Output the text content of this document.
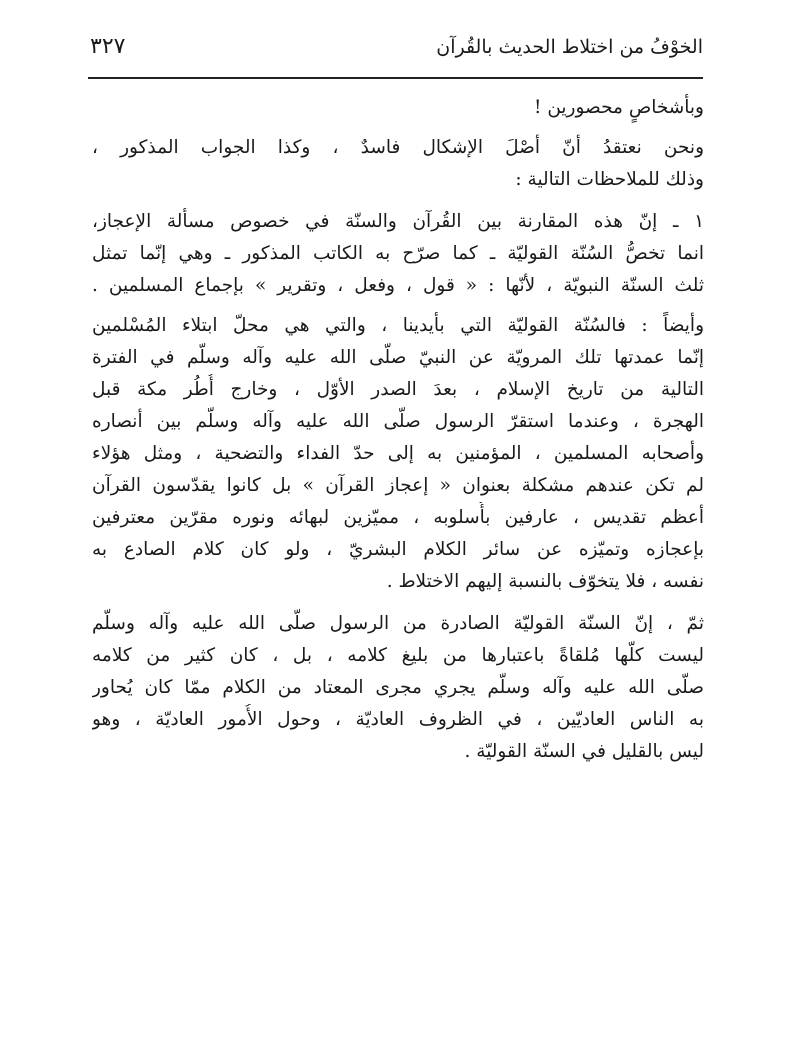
الخوْفُ من اختلاط الحديث بالقُرآن
٣٢٧

وبأشخاصٍ محصورين !

ونحن نعتقدُ أنّ أصْلَ الإشكال فاسدٌ ، وكذا الجواب المذكور ،
وذلك للملاحظات التالية :

١ ـ إنّ هذه المقارنة بين القُرآن والسنّة في خصوص مسألة الإعجاز،
انما تخصُّ السُنّة القوليّة ـ كما صرّح به الكاتب المذكور ـ وهي إنّما تمثل
ثلث السنّة النبويّة ، لأنّها : « قول ، وفعل ، وتقرير » بإجماع المسلمين .

وأيضاً : فالسُنّة القوليّة التي بأيدينا ، والتي هي محلّ ابتلاء المُسْلمين
إنّما عمدتها تلك المرويّة عن النبيّ صلّى الله عليه وآله وسلّم في الفترة
التالية من تاريخ الإسلام ، بعدَ الصدر الأوّل ، وخارج أُطُر مكة قبل
الهجرة ، وعندما استقرّ الرسول صلّى الله عليه وآله وسلّم بين أنصاره
وأصحابه المسلمين ، المؤمنين به إلى حدّ الفداء والتضحية ، ومثل هؤلاء
لم تكن عندهم مشكلة بعنوان « إعجاز القرآن » بل كانوا يقدّسون القرآن
أعظم تقديس ، عارفين بأُسلوبه ، مميّزين لبهائه ونوره مقرّين معترفين
بإعجازه وتميّزه عن سائر الكلام البشريّ ، ولو كان كلام الصادع به
نفسه ، فلا يتخوّف بالنسبة إليهم الاختلاط .

ثمّ ، إنّ السنّة القوليّة الصادرة من الرسول صلّى الله عليه وآله وسلّم
ليست كلّها مُلقاةً باعتبارها من بليغ كلامه ، بل ، كان كثير من كلامه
صلّى الله عليه وآله وسلّم يجري مجرى المعتاد من الكلام ممّا كان يُحاور
به الناس العاديّين ، في الظروف العاديّة ، وحول الأُمور العاديّة ، وهو
ليس بالقليل في السنّة القوليّة .
